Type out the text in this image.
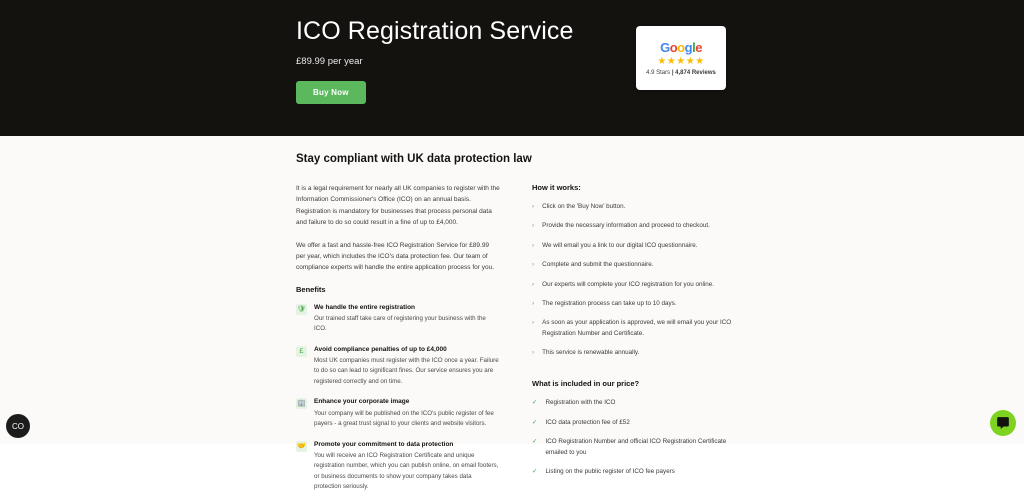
ICO Registration Service

£89.99 per year

Buy Now
Google
★★★★★
4.9 Stars | 4,874 Reviews
Stay compliant with UK data protection law

It is a legal requirement for nearly all UK companies to register with the Information Commissioner's Office (ICO) on an annual basis. Registration is mandatory for businesses that process personal data and failure to do so could result in a fine of up to £4,000.

We offer a fast and hassle-free ICO Registration Service for £89.99 per year, which includes the ICO's data protection fee. Our team of compliance experts will handle the entire application process for you.

Benefits
🛡 We handle the entire registration

Our trained staff take care of registering your business with the ICO.

£	Avoid compliance penalties of up to £4,000

Most UK companies must register with the ICO once a year. Failure to do so can lead to significant fines. Our service ensures you are registered correctly and on time.

🏢 Enhance your corporate image

Your company will be published on the ICO's public register of fee payers - a great trust signal to your clients and website visitors.

🤝 Promote your commitment to data protection

You will receive an ICO Registration Certificate and unique registration number, which you can publish online, on email footers, or business documents to show your company takes data protection seriously.

How it works:
› Click on the 'Buy Now' button.

› Provide the necessary information and proceed to checkout.

› We will email you a link to our digital ICO questionnaire.

› Complete and submit the questionnaire.

› Our experts will complete your ICO registration for you online.

› The registration process can take up to 10 days.

› As soon as your application is approved, we will email you your ICO Registration Number and Certificate.

› This service is renewable annually.

What is included in our price?
✓ Registration with the ICO

✓ ICO data protection fee of £52

✓ ICO Registration Number and official ICO Registration Certificate emailed to you

✓ Listing on the public register of ICO fee payers

CO
